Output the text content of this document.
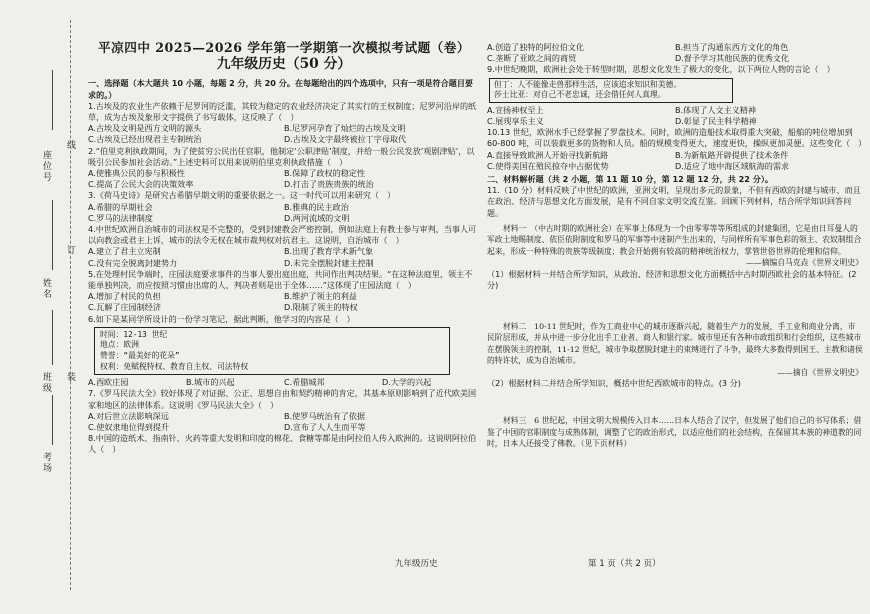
座位号
线
姓名
订
班级 装
考场
平凉四中 2025—2026 学年第一学期第一次模拟考试题（卷）
九年级历史（50 分）

一、选择题（本大题共 10 小题，每题 2 分，共 20 分。在每题给出的四个选项中，只有一项是符合题目要求的。）

1.古埃及的农业生产依赖于尼罗河的泛滥，其较为稳定的农业经济决定了其实行的王权制度；尼罗河沿岸的纸草，成为古埃及象形文字提供了书写载体，这反映了（　）

A.古埃及文明是西方文明的源头	B.尼罗河孕育了灿烂的古埃及文明
C.古埃及已经出现君主专制统治	D.古埃及文字最终被拉丁字母取代

2.“伯里克利执政期间，为了使贫穷公民出任官职，他制定‘公职津贴’制度，并给一般公民发放‘观剧津贴’，以吸引公民参加社会活动。”上述史料可以用来说明伯里克利执政措施（　）

A.使雅典公民的参与积极性	B.保障了政权的稳定性
C.提高了公民大会的决策效率	D.打击了贵族贵族的统治

3.《荷马史诗》是研究古希腊早期文明的重要依据之一。这一时代可以用来研究（　）

A.希腊的早期社会	B.雅典的民主政治
C.罗马的法律制度	D.两河流域的文明

4.中世纪欧洲自治城市的司法权是不完整的，受到封建教会严密控制，例如法庭上有教士参与审判，当事人可以向教会或君主上诉，城市的法令无权在城市裁判权对抗君主。这说明，自治城市（　）

A.建立了君主立宪制	B.出现了教育学术新气象
C.没有完全脱离封建势力	D.未完全摆脱封建主控制

5.在处理村民争端时，庄园法庭要求事件的当事人要出庭出庭，共同作出判决结果。“在这种法庭里，领主不能单独判决，而应按照习惯由出席的人，判决者则是出于全体……”这体现了庄园法庭（　）

A.增加了村民的负担	B.维护了领主的利益
C.瓦解了庄园制经济	D.限制了领主的特权

6.如下是某同学所设计的一份学习笔记，据此判断，他学习的内容是（　）

时间：12-13 世纪
地点：欧洲
赞誉：“最美好的花朵”
权利：免赋税特权、教育自主权、司法特权
A.西欧庄园	B.城市的兴起	C.希腊城邦	D.大学的兴起

7.《罗马民法大全》较好体现了对证据、公正、思想自由和契约精神的肯定，其基本原则影响到了近代欧美国家和地区的法律体系。这说明《罗马民法大全》（　）

A.对后世立法影响深远	B.使罗马统治有了依据
C.使奴隶地位得到提升	D.宣布了人人生而平等

8.中国的造纸术、指南针、火药等重大发明和印度的棉花、食糖等都是由阿拉伯人传入欧洲的。这说明阿拉伯人（　）

A.创造了独特的阿拉伯文化	B.担当了沟通东西方文化的角色
C.垄断了亚欧之间的商贸	D.督予学习其他民族的优秀文化

9.中世纪晚期，欧洲社会处于转型时期，思想文化发生了极大的变化，以下两位人物的言论（　）

但丁：人不能像走兽那样生活，应该追求知识和美德。
莎士比亚：对自己不老忠诚，还会借任何人真理。
A.宣扬神权至上	B.体现了人文主义精神
C.展现享乐主义	D.彰显了民主科学精神

10.13 世纪，欧洲水手已经掌握了罗盘技术。同时，欧洲的造船技术取得重大突破，船舶的吨位增加到 60-800 吨，可以装载更多的货物和人员。船的规模变得更大，速度更快，操纵更加灵便。这些变化（　）

A.直接导致欧洲人开始寻找新航路	B.为新航路开辟提供了技术条件
C.使得美国在殖民掠夺中占据优势	D.适应了地中海区域航海的需求

二、材料解析题（共 2 小题，第 11 题 10 分，第 12 题 12 分，共 22 分）。

11.（10 分）材料反映了中世纪的欧洲，亚洲文明，呈现出多元的景象，不但有西欧的封建与城市、而且在政治、经济与思想文化方面发展，是有不同自家文明交流互鉴。回顾下列材料，结合所学知识回答问题。

材料一　（中古时期的欧洲社会）在军事上体现为一个由零零等等所组成的封建集团，它是由日耳曼人的军政土地赐制度、依臣依附制度和罗马的军事等中迷制产生出来的，与同样所有军事色彩的领主、农奴制组合起来，形成一种特殊的贵族等级制度；教会开始拥有较高的精神统治权力，掌管世俗世界的伦理和信仰。

——摘编自马克垚《世界文明史》

（1）根据材料一并结合所学知识，从政治、经济和思想文化方面概括中古时期西欧社会的基本特征。(2 分)

材料二　10-11 世纪时，作为工商业中心的城市逐渐兴起，随着生产力的发展，手工业和商业分离，市民阶层形成，并从中进一步分化出手工业者、商人和银行家。城市里还有各种市政组织和行会组织，这些城市在摆脱领主的控制，11-12 世纪，城市争取摆脱封建主的束缚进行了斗争，最终大多数得到国王、主教和诸侯的特许状，成为自治城市。

——摘自《世界文明史》

（2）根据材料二并结合所学知识，概括中世纪西欧城市的特点。(3 分)

材料三　6 世纪起，中国文明大规模传入日本……日本人结合了汉字，但发展了他们自己的书写体系；借鉴了中国的官职制度与成熟体制，调整了它的政治形式，以适应他们的社会结构，在保留其本族的神道教的同时，日本人还接受了佛教。（见下页材料）

九年级历史	第 1 页（共 2 页）
